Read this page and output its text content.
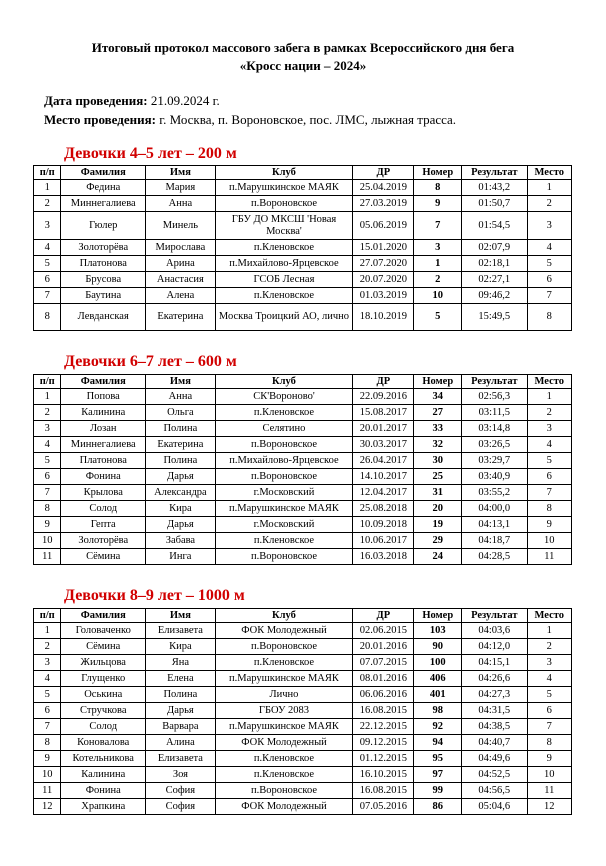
Итоговый протокол массового забега в рамках Всероссийского дня бега
«Кросс нации – 2024»
Дата проведения: 21.09.2024 г.
Место проведения: г. Москва, п. Вороновское, пос. ЛМС, лыжная трасса.
Девочки 4–5 лет – 200 м
п/п	Фамилия	Имя	Клуб	ДР	Номер	Результат	Место
1	Федина	Мария	п.Марушкинское МАЯК	25.04.2019	8	01:43,2	1
2	Миннегалиева	Анна	п.Вороновское	27.03.2019	9	01:50,7	2
3	Гюлер	Минель	ГБУ ДО МКСШ 'Новая Москва'	05.06.2019	7	01:54,5	3
4	Золоторёва	Мирослава	п.Кленовское	15.01.2020	3	02:07,9	4
5	Платонова	Арина	п.Михайлово-Ярцевское	27.07.2020	1	02:18,1	5
6	Брусова	Анастасия	ГСОБ Лесная	20.07.2020	2	02:27,1	6
7	Баутина	Алена	п.Кленовское	01.03.2019	10	09:46,2	7
8	Левданская	Екатерина	Москва Троицкий АО, лично	18.10.2019	5	15:49,5	8
Девочки 6–7 лет – 600 м
п/п	Фамилия	Имя	Клуб	ДР	Номер	Результат	Место
1	Попова	Анна	СК'Вороново'	22.09.2016	34	02:56,3	1
2	Калинина	Ольга	п.Кленовское	15.08.2017	27	03:11,5	2
3	Лозан	Полина	Селятино	20.01.2017	33	03:14,8	3
4	Миннегалиева	Екатерина	п.Вороновское	30.03.2017	32	03:26,5	4
5	Платонова	Полина	п.Михайлово-Ярцевское	26.04.2017	30	03:29,7	5
6	Фонина	Дарья	п.Вороновское	14.10.2017	25	03:40,9	6
7	Крылова	Александра	г.Московский	12.04.2017	31	03:55,2	7
8	Солод	Кира	п.Марушкинское МАЯК	25.08.2018	20	04:00,0	8
9	Гепта	Дарья	г.Московский	10.09.2018	19	04:13,1	9
10	Золоторёва	Забава	п.Кленовское	10.06.2017	29	04:18,7	10
11	Сёмина	Инга	п.Вороновское	16.03.2018	24	04:28,5	11
Девочки 8–9 лет – 1000 м
п/п	Фамилия	Имя	Клуб	ДР	Номер	Результат	Место
1	Головаченко	Елизавета	ФОК Молодежный	02.06.2015	103	04:03,6	1
2	Сёмина	Кира	п.Вороновское	20.01.2016	90	04:12,0	2
3	Жильцова	Яна	п.Кленовское	07.07.2015	100	04:15,1	3
4	Глущенко	Елена	п.Марушкинское МАЯК	08.01.2016	406	04:26,6	4
5	Оськина	Полина	Лично	06.06.2016	401	04:27,3	5
6	Стручкова	Дарья	ГБОУ 2083	16.08.2015	98	04:31,5	6
7	Солод	Варвара	п.Марушкинское МАЯК	22.12.2015	92	04:38,5	7
8	Коновалова	Алина	ФОК Молодежный	09.12.2015	94	04:40,7	8
9	Котельникова	Елизавета	п.Кленовское	01.12.2015	95	04:49,6	9
10	Калинина	Зоя	п.Кленовское	16.10.2015	97	04:52,5	10
11	Фонина	София	п.Вороновское	16.08.2015	99	04:56,5	11
12	Храпкина	София	ФОК Молодежный	07.05.2016	86	05:04,6	12
